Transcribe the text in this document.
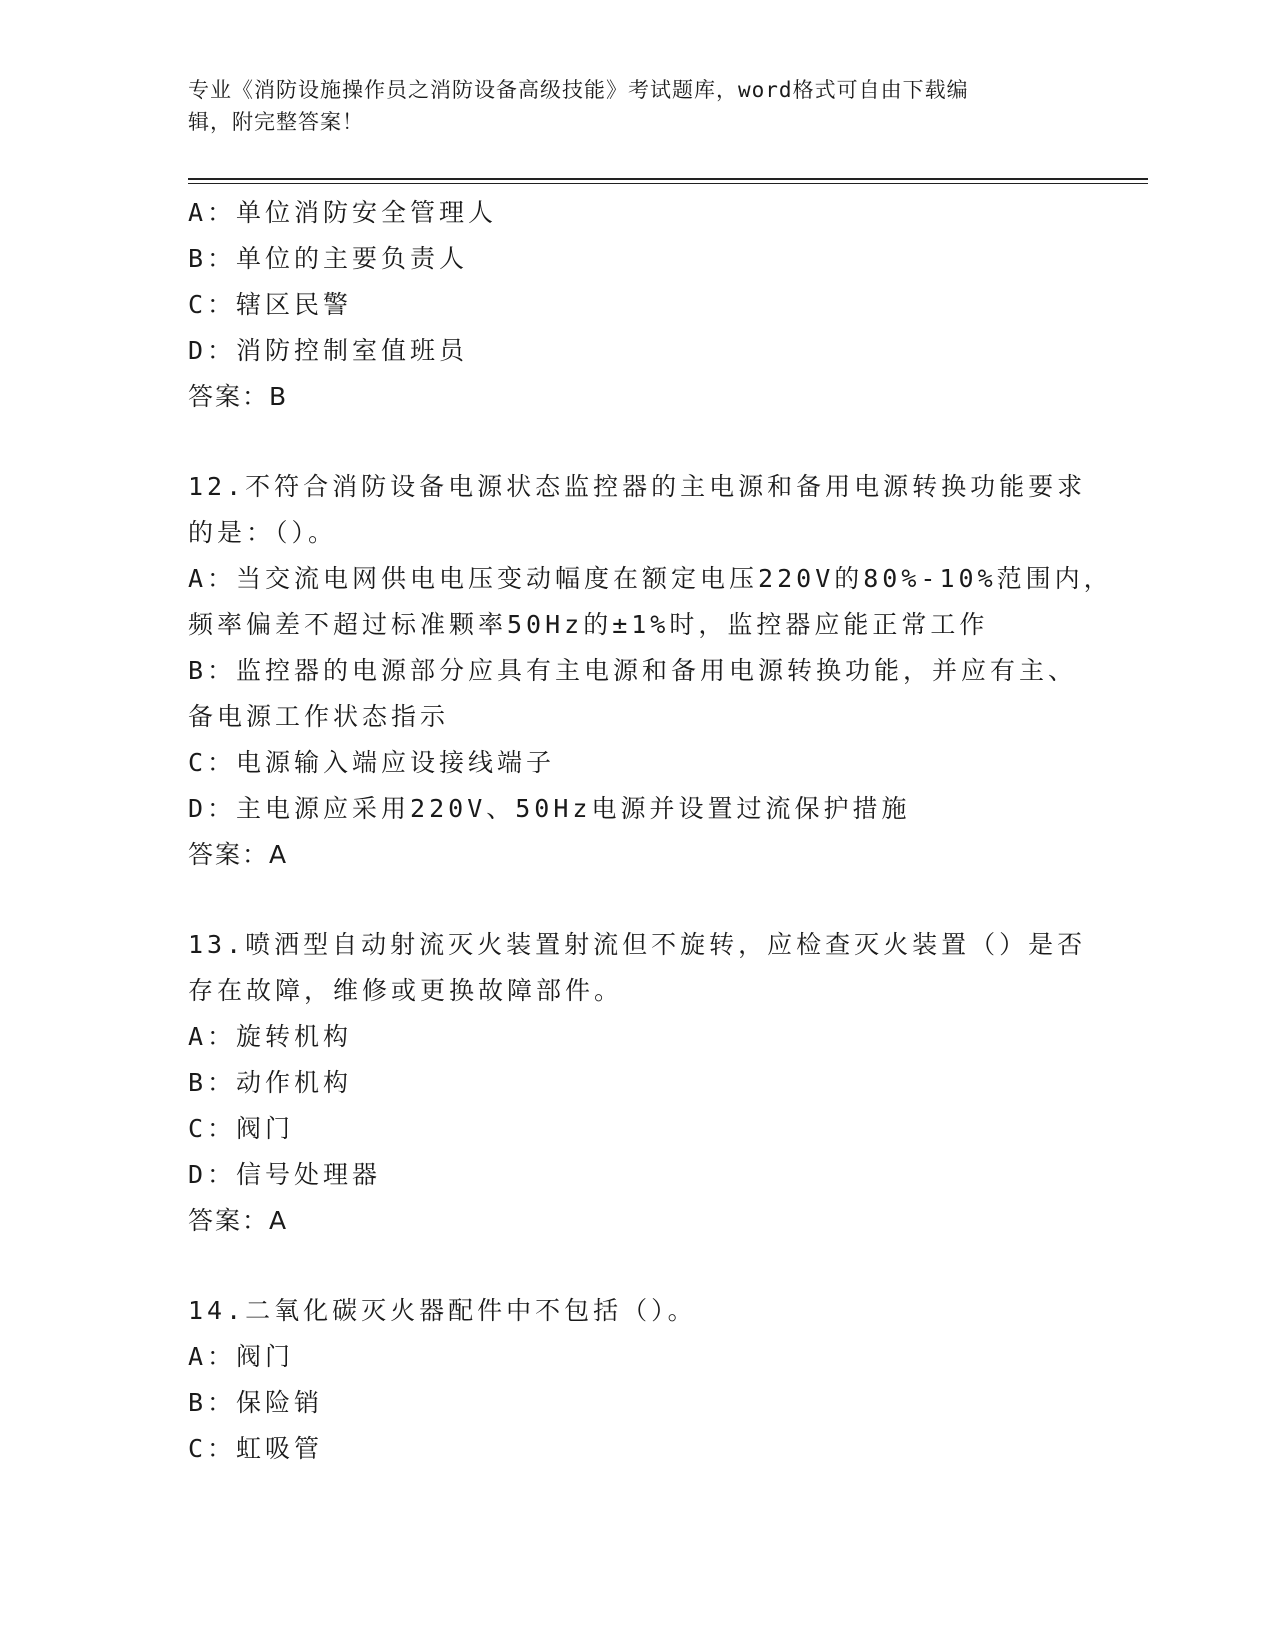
专业《消防设施操作员之消防设备高级技能》考试题库，word格式可自由下载编
辑，附完整答案！
A：单位消防安全管理人
B：单位的主要负责人
C：辖区民警
D：消防控制室值班员
答案：B
12.不符合消防设备电源状态监控器的主电源和备用电源转换功能要求
的是：（）。
A：当交流电网供电电压变动幅度在额定电压220V的80%-10%范围内，
频率偏差不超过标准颗率50Hz的±1%时，监控器应能正常工作
B：监控器的电源部分应具有主电源和备用电源转换功能，并应有主、
备电源工作状态指示
C：电源输入端应设接线端子
D：主电源应采用220V、50Hz电源并设置过流保护措施
答案：A
13.喷洒型自动射流灭火装置射流但不旋转，应检查灭火装置（）是否
存在故障，维修或更换故障部件。
A：旋转机构
B：动作机构
C：阀门
D：信号处理器
答案：A
14.二氧化碳灭火器配件中不包括（）。
A：阀门
B：保险销
C：虹吸管
